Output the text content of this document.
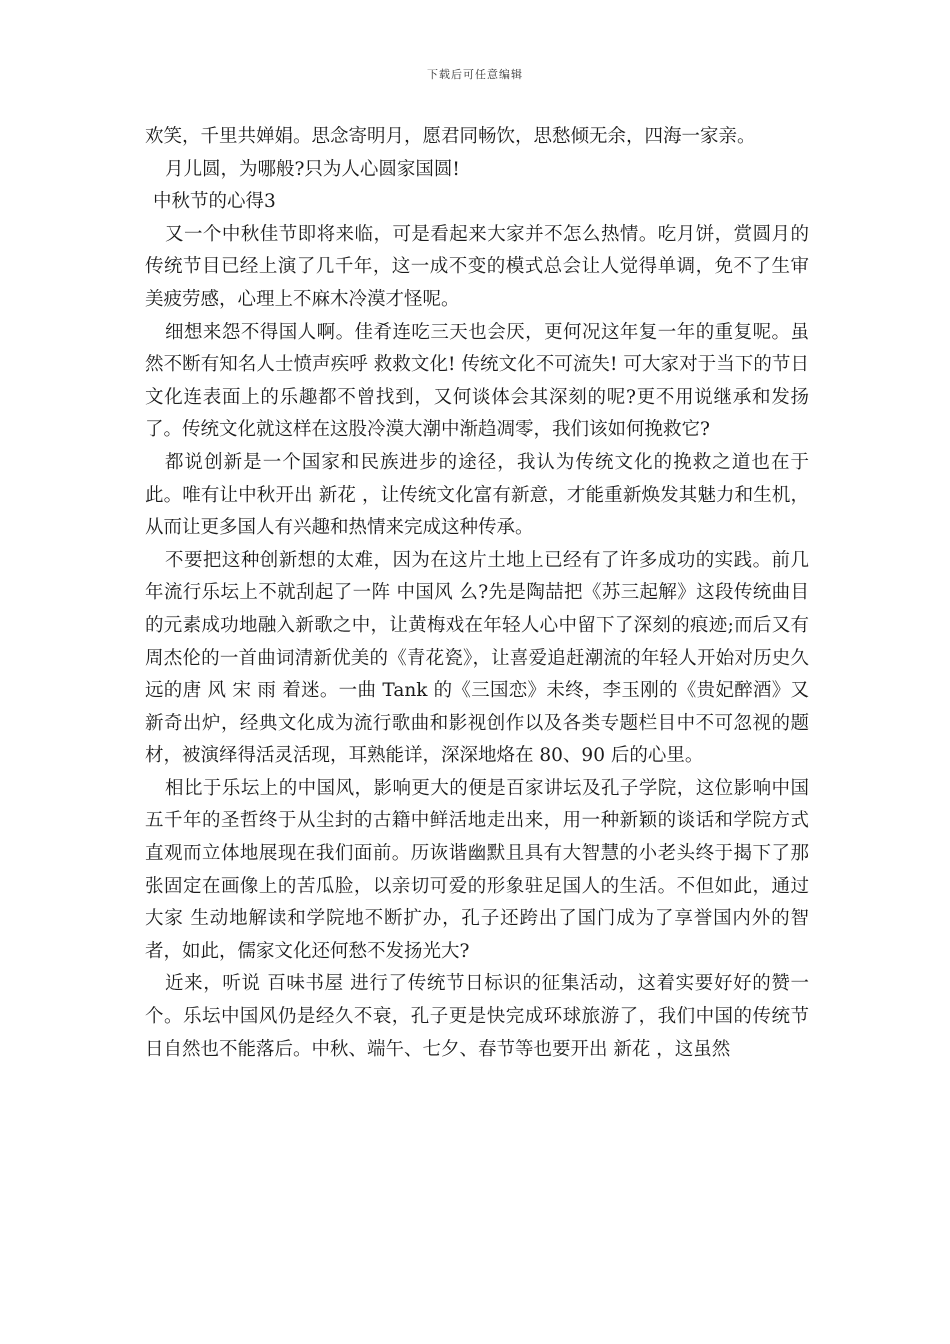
下载后可任意编辑

欢笑，千里共婵娟。思念寄明月，愿君同畅饮，思愁倾无余，四海一家亲。

月儿圆，为哪般?只为人心圆家国圆!

中秋节的心得3

又一个中秋佳节即将来临，可是看起来大家并不怎么热情。吃月饼，赏圆月的传统节目已经上演了几千年，这一成不变的模式总会让人觉得单调，免不了生审美疲劳感，心理上不麻木冷漠才怪呢。

细想来怨不得国人啊。佳肴连吃三天也会厌，更何况这年复一年的重复呢。虽然不断有知名人士愤声疾呼 救救文化! 传统文化不可流失! 可大家对于当下的节日文化连表面上的乐趣都不曾找到，又何谈体会其深刻的呢?更不用说继承和发扬了。传统文化就这样在这股冷漠大潮中渐趋凋零，我们该如何挽救它?

都说创新是一个国家和民族进步的途径，我认为传统文化的挽救之道也在于此。唯有让中秋开出 新花 ，让传统文化富有新意，才能重新焕发其魅力和生机，从而让更多国人有兴趣和热情来完成这种传承。

不要把这种创新想的太难，因为在这片土地上已经有了许多成功的实践。前几年流行乐坛上不就刮起了一阵 中国风 么?先是陶喆把《苏三起解》这段传统曲目的元素成功地融入新歌之中，让黄梅戏在年轻人心中留下了深刻的痕迹;而后又有周杰伦的一首曲词清新优美的《青花瓷》，让喜爱追赶潮流的年轻人开始对历史久远的唐 风 宋 雨 着迷。一曲 Tank 的《三国恋》未终，李玉刚的《贵妃醉酒》又新奇出炉，经典文化成为流行歌曲和影视创作以及各类专题栏目中不可忽视的题材，被演绎得活灵活现，耳熟能详，深深地烙在 80、90 后的心里。

相比于乐坛上的中国风，影响更大的便是百家讲坛及孔子学院，这位影响中国五千年的圣哲终于从尘封的古籍中鲜活地走出来，用一种新颖的谈话和学院方式直观而立体地展现在我们面前。历诙谐幽默且具有大智慧的小老头终于揭下了那张固定在画像上的苦瓜脸，以亲切可爱的形象驻足国人的生活。不但如此，通过 大家 生动地解读和学院地不断扩办，孔子还跨出了国门成为了享誉国内外的智者，如此，儒家文化还何愁不发扬光大?

近来，听说 百味书屋 进行了传统节日标识的征集活动，这着实要好好的赞一个。乐坛中国风仍是经久不衰，孔子更是快完成环球旅游了，我们中国的传统节日自然也不能落后。中秋、端午、七夕、春节等也要开出 新花 ，这虽然
